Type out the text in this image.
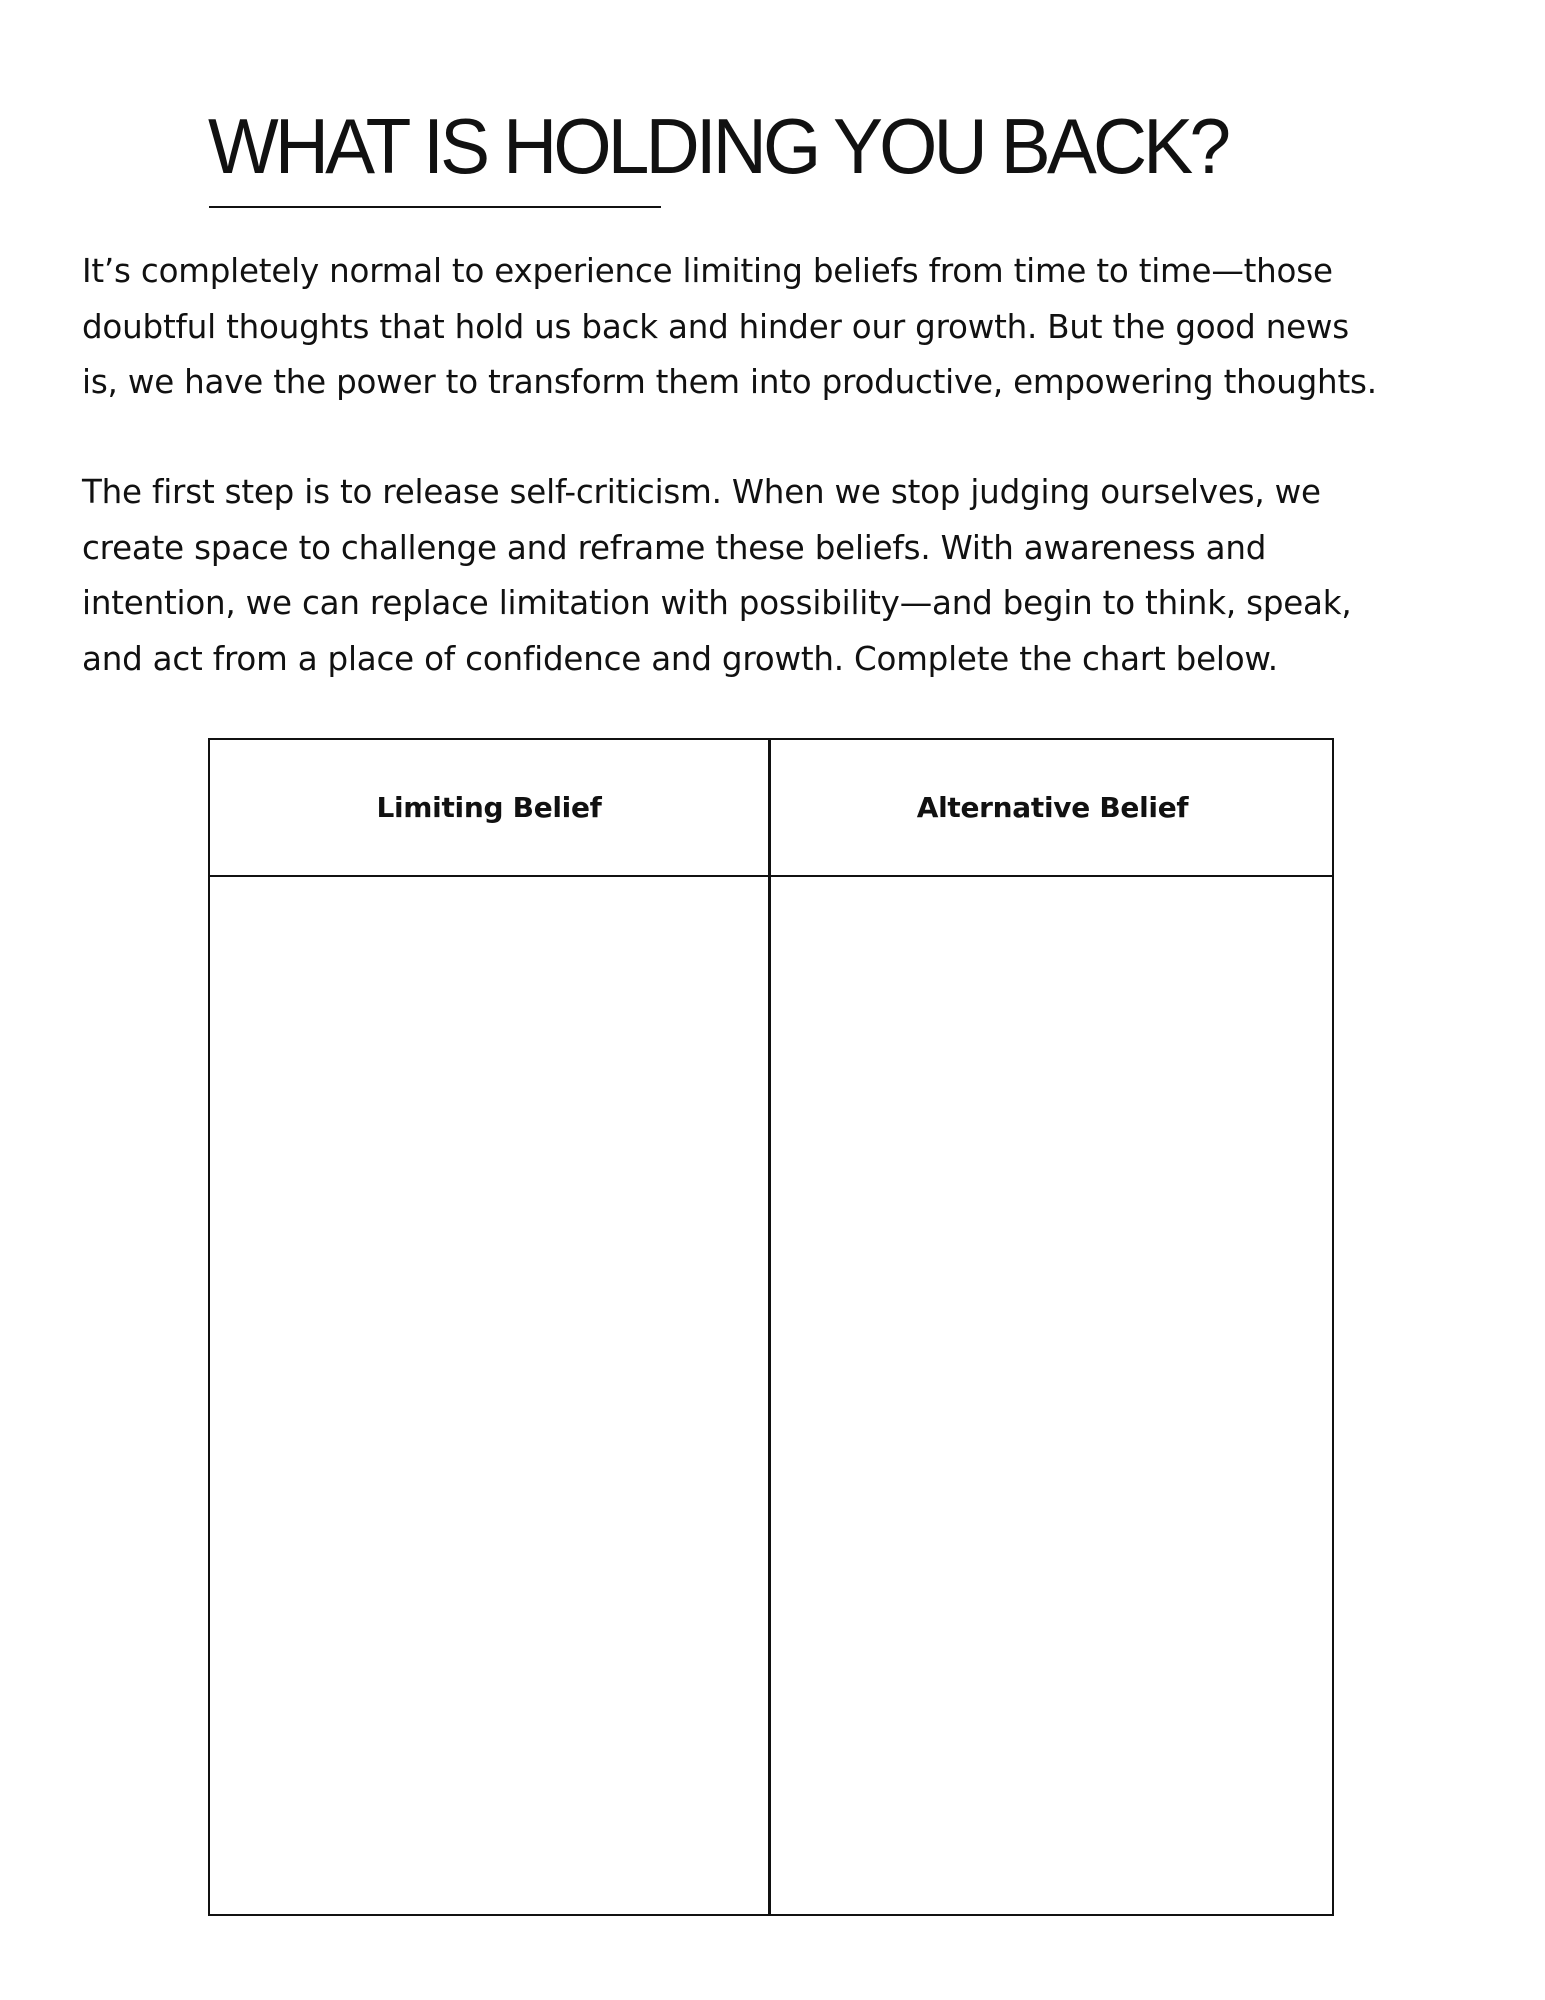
WHAT IS HOLDING YOU BACK?

It’s completely normal to experience limiting beliefs from time to time—those
doubtful thoughts that hold us back and hinder our growth. But the good news
is, we have the power to transform them into productive, empowering thoughts.

The first step is to release self-criticism. When we stop judging ourselves, we
create space to challenge and reframe these beliefs. With awareness and
intention, we can replace limitation with possibility—and begin to think, speak,
and act from a place of confidence and growth. Complete the chart below.

Limiting Belief	Alternative Belief
